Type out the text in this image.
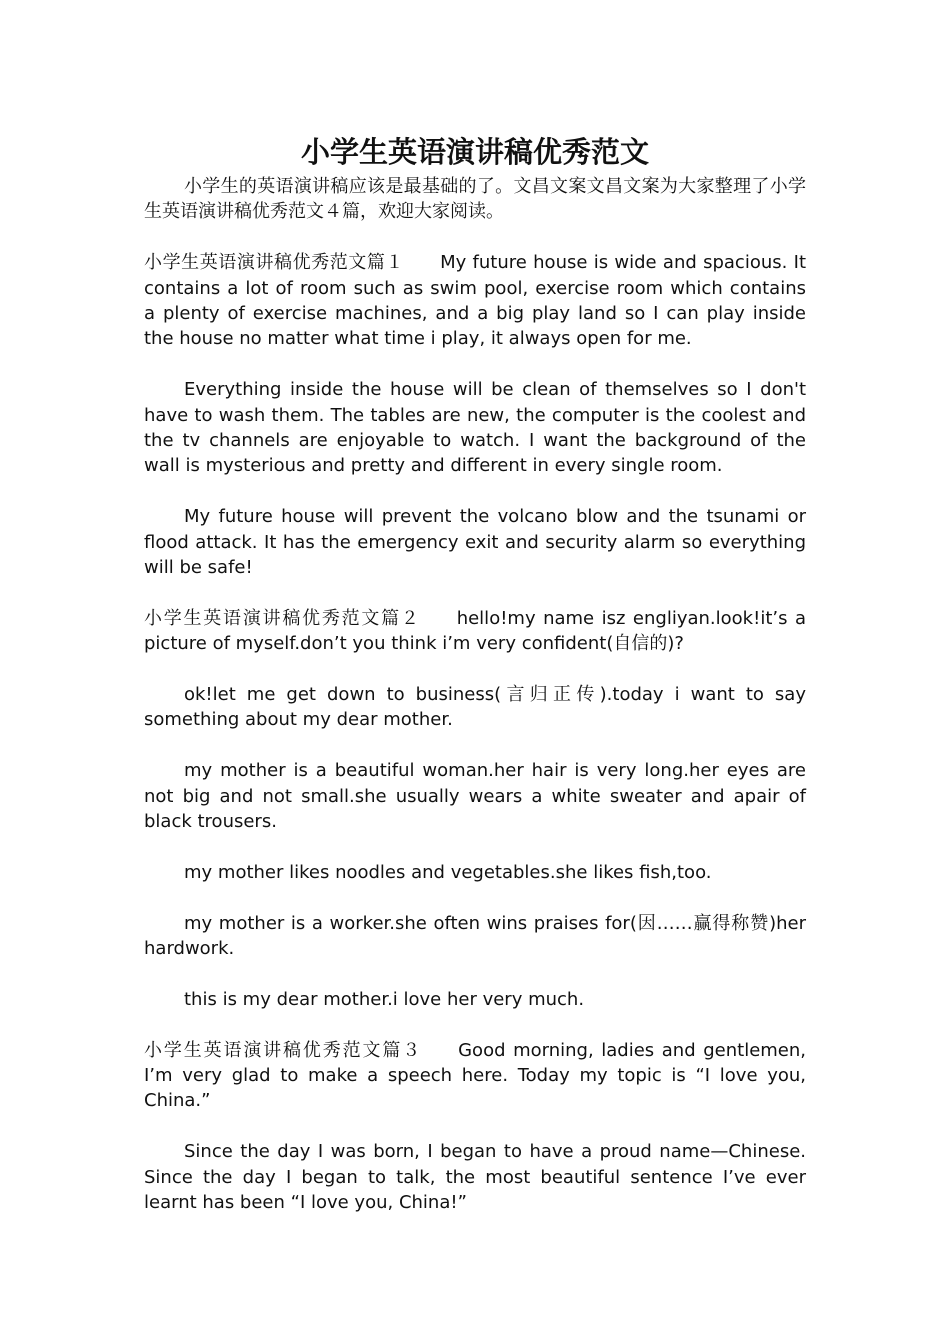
小学生英语演讲稿优秀范文

小学生的英语演讲稿应该是最基础的了。文昌文案文昌文案为大家整理了小学生英语演讲稿优秀范文４篇，欢迎大家阅读。

小学生英语演讲稿优秀范文篇１ My future house is wide and spacious. It contains a lot of room such as swim pool, exercise room which contains a plenty of exercise machines, and a big play land so I can play inside the house no matter what time i play, it always open for me.

Everything inside the house will be clean of themselves so I don't have to wash them. The tables are new, the computer is the coolest and the tv channels are enjoyable to watch. I want the background of the wall is mysterious and pretty and different in every single room.

My future house will prevent the volcano blow and the tsunami or flood attack. It has the emergency exit and security alarm so everything will be safe!

小学生英语演讲稿优秀范文篇２ hello!my name isz engliyan.look!it’s a picture of myself.don’t you think i’m very confident(自信的)?

ok!let me get down to business(言归正传).today i want to say something about my dear mother.

my mother is a beautiful woman.her hair is very long.her eyes are not big and not small.she usually wears a white sweater and apair of black trousers.

my mother likes noodles and vegetables.she likes fish,too.

my mother is a worker.she often wins praises for(因……赢得称赞)her hardwork.

this is my dear mother.i love her very much.

小学生英语演讲稿优秀范文篇３ Good morning, ladies and gentlemen, I’m very glad to make a speech here. Today my topic is “I love you, China.”

Since the day I was born, I began to have a proud name—Chinese. Since the day I began to talk, the most beautiful sentence I’ve ever learnt has been “I love you, China!”
